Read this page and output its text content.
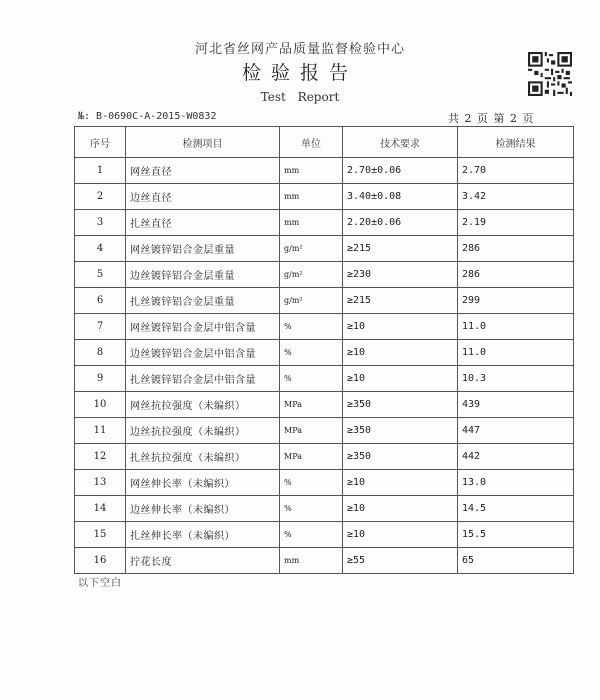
河北省丝网产品质量监督检验中心
检验报告
Test Report
№: B-0690C-A-2015-W0832	共 2 页 第 2 页
序号	检测项目	单位	技术要求	检测结果
1	网丝直径	mm	2.70±0.06	2.70
2	边丝直径	mm	3.40±0.08	3.42
3	扎丝直径	mm	2.20±0.06	2.19
4	网丝镀锌铝合金层重量	g/m²	≥215	286
5	边丝镀锌铝合金层重量	g/m²	≥230	286
6	扎丝镀锌铝合金层重量	g/m²	≥215	299
7	网丝镀锌铝合金层中铝含量	%	≥10	11.0
8	边丝镀锌铝合金层中铝含量	%	≥10	11.0
9	扎丝镀锌铝合金层中铝含量	%	≥10	10.3
10	网丝抗拉强度（未编织）	MPa	≥350	439
11	边丝抗拉强度（未编织）	MPa	≥350	447
12	扎丝抗拉强度（未编织）	MPa	≥350	442
13	网丝伸长率（未编织）	%	≥10	13.0
14	边丝伸长率（未编织）	%	≥10	14.5
15	扎丝伸长率（未编织）	%	≥10	15.5
16	拧花长度	mm	≥55	65
以下空白
